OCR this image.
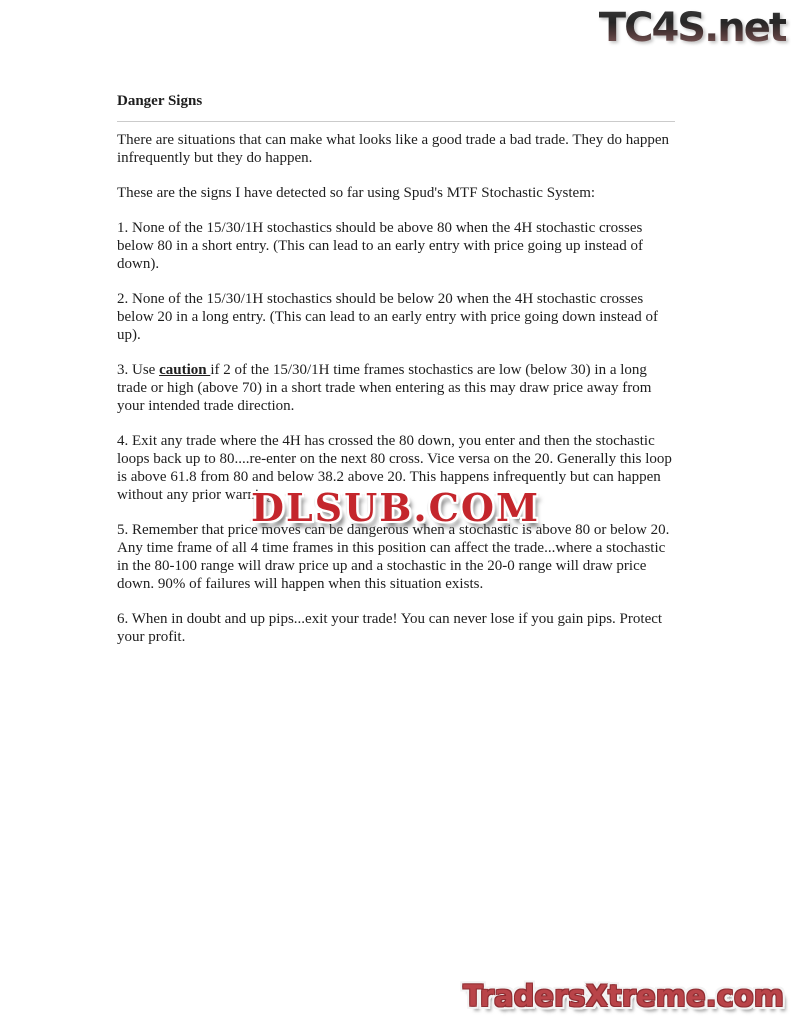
TC4S.net
Danger Signs

There are situations that can make what looks like a good trade a bad trade. They do happen infrequently but they do happen.

These are the signs I have detected so far using Spud's MTF Stochastic System:

1. None of the 15/30/1H stochastics should be above 80 when the 4H stochastic crosses below 80 in a short entry. (This can lead to an early entry with price going up instead of down).

2. None of the 15/30/1H stochastics should be below 20 when the 4H stochastic crosses below 20 in a long entry. (This can lead to an early entry with price going down instead of up).

3. Use caution if 2 of the 15/30/1H time frames stochastics are low (below 30) in a long trade or high (above 70) in a short trade when entering as this may draw price away from your intended trade direction.

4. Exit any trade where the 4H has crossed the 80 down, you enter and then the stochastic loops back up to 80....re-enter on the next 80 cross. Vice versa on the 20. Generally this loop is above 61.8 from 80 and below 38.2 above 20. This happens infrequently but can happen without any prior warning.

5. Remember that price moves can be dangerous when a stochastic is above 80 or below 20. Any time frame of all 4 time frames in this position can affect the trade...where a stochastic in the 80-100 range will draw price up and a stochastic in the 20-0 range will draw price down. 90% of failures will happen when this situation exists.

6. When in doubt and up pips...exit your trade! You can never lose if you gain pips. Protect your profit.

DLSUB.COM
TradersXtreme.com
